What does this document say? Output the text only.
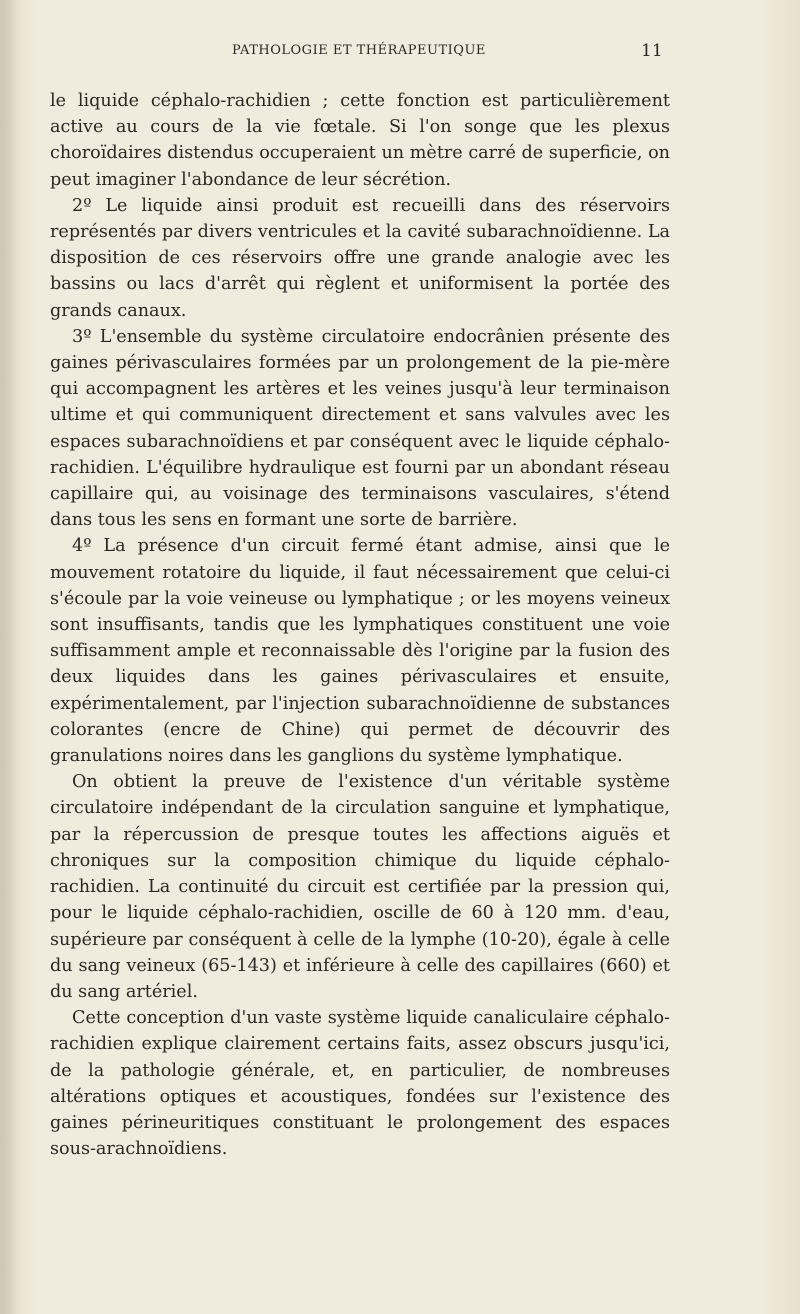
PATHOLOGIE ET THÉRAPEUTIQUE	11

le liquide céphalo-rachidien ; cette fonction est particulièrement active au cours de la vie fœtale. Si l'on songe que les plexus choroïdaires distendus occuperaient un mètre carré de superficie, on peut imaginer l'abondance de leur sécrétion.

2º Le liquide ainsi produit est recueilli dans des réservoirs représentés par divers ventricules et la cavité subarachnoïdienne. La disposition de ces réservoirs offre une grande analogie avec les bassins ou lacs d'arrêt qui règlent et uniformisent la portée des grands canaux.

3º L'ensemble du système circulatoire endocrânien présente des gaines périvasculaires formées par un prolongement de la pie-mère qui accompagnent les artères et les veines jusqu'à leur terminaison ultime et qui communiquent directement et sans valvules avec les espaces subarachnoïdiens et par conséquent avec le liquide céphalo-rachidien. L'équilibre hydraulique est fourni par un abondant réseau capillaire qui, au voisinage des terminaisons vasculaires, s'étend dans tous les sens en formant une sorte de barrière.

4º La présence d'un circuit fermé étant admise, ainsi que le mouvement rotatoire du liquide, il faut nécessairement que celui-ci s'écoule par la voie veineuse ou lymphatique ; or les moyens veineux sont insuffisants, tandis que les lymphatiques constituent une voie suffisamment ample et reconnaissable dès l'origine par la fusion des deux liquides dans les gaines périvasculaires et ensuite, expérimentalement, par l'injection subarachnoïdienne de substances colorantes (encre de Chine) qui permet de découvrir des granulations noires dans les ganglions du système lymphatique.

On obtient la preuve de l'existence d'un véritable système circulatoire indépendant de la circulation sanguine et lymphatique, par la répercussion de presque toutes les affections aiguës et chroniques sur la composition chimique du liquide céphalo-rachidien. La continuité du circuit est certifiée par la pression qui, pour le liquide céphalo-rachidien, oscille de 60 à 120 mm. d'eau, supérieure par conséquent à celle de la lymphe (10-20), égale à celle du sang veineux (65-143) et inférieure à celle des capillaires (660) et du sang artériel.

Cette conception d'un vaste système liquide canaliculaire céphalo-rachidien explique clairement certains faits, assez obscurs jusqu'ici, de la pathologie générale, et, en particulier, de nombreuses altérations optiques et acoustiques, fondées sur l'existence des gaines périneuritiques constituant le prolongement des espaces sous-arachnoïdiens.
